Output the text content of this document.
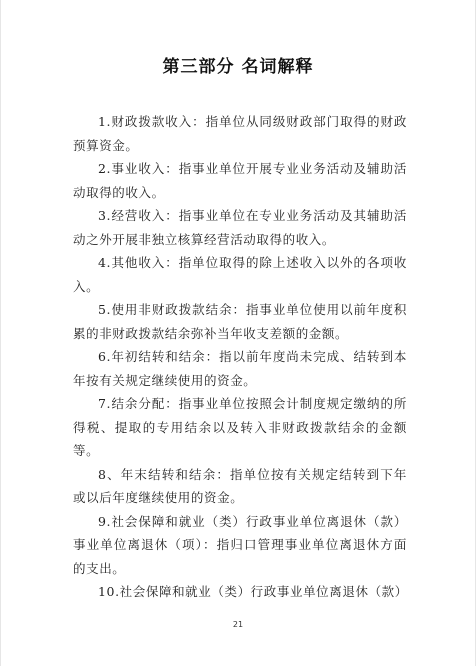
第三部分 名词解释

1.财政拨款收入：指单位从同级财政部门取得的财政预算资金。

2.事业收入：指事业单位开展专业业务活动及辅助活动取得的收入。

3.经营收入：指事业单位在专业业务活动及其辅助活动之外开展非独立核算经营活动取得的收入。

4.其他收入：指单位取得的除上述收入以外的各项收入。

5.使用非财政拨款结余：指事业单位使用以前年度积累的非财政拨款结余弥补当年收支差额的金额。

6.年初结转和结余：指以前年度尚未完成、结转到本年按有关规定继续使用的资金。

7.结余分配：指事业单位按照会计制度规定缴纳的所得税、提取的专用结余以及转入非财政拨款结余的金额等。

8、年末结转和结余：指单位按有关规定结转到下年或以后年度继续使用的资金。

9.社会保障和就业（类）行政事业单位离退休（款）事业单位离退休（项）：指归口管理事业单位离退休方面的支出。

10.社会保障和就业（类）行政事业单位离退休（款）

21
